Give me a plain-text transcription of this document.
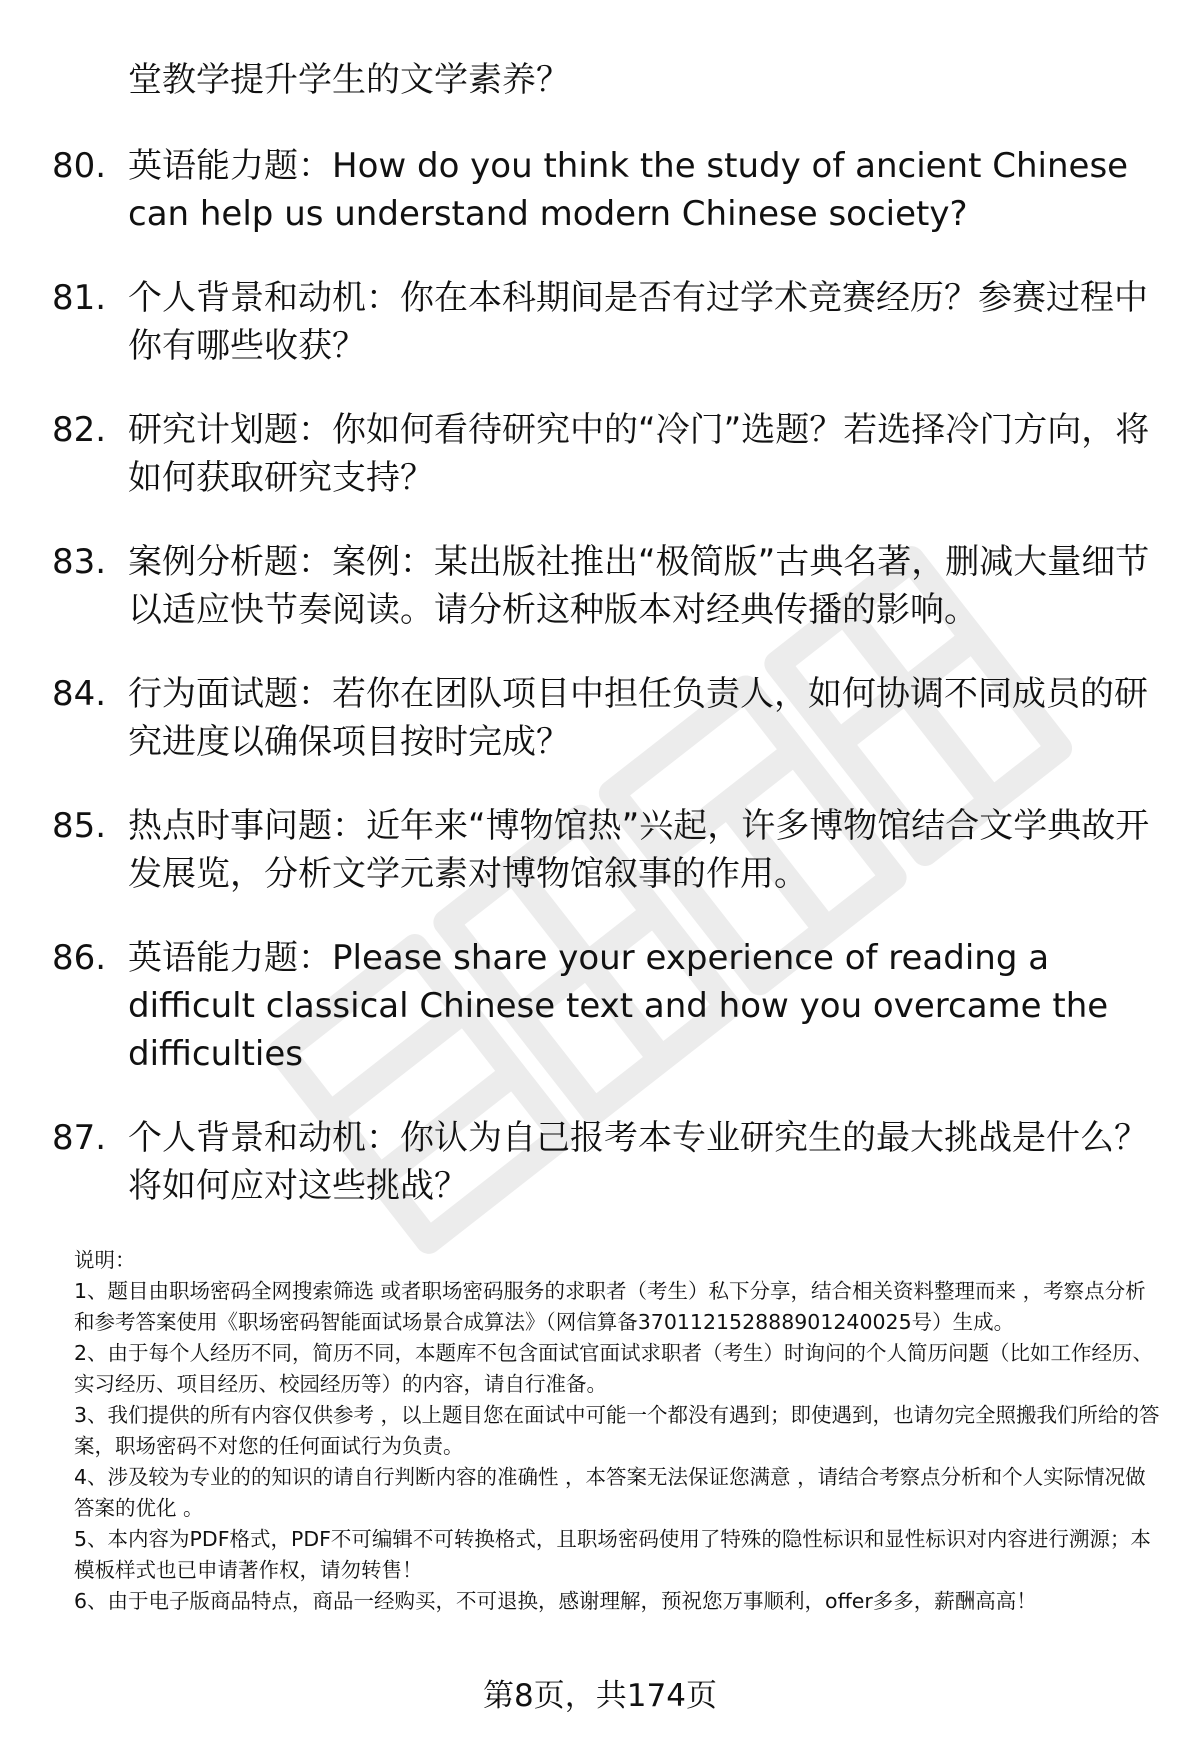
堂教学提升学生的文学素养？
80. 英语能力题：How do you think the study of ancient Chinese can help us understand modern Chinese society?
81. 个人背景和动机：你在本科期间是否有过学术竞赛经历？参赛过程中你有哪些收获？
82. 研究计划题：你如何看待研究中的“冷门”选题？若选择冷门方向，将如何获取研究支持？
83. 案例分析题：案例：某出版社推出“极简版”古典名著，删减大量细节以适应快节奏阅读。请分析这种版本对经典传播的影响。
84. 行为面试题：若你在团队项目中担任负责人，如何协调不同成员的研究进度以确保项目按时完成？
85. 热点时事问题：近年来“博物馆热”兴起，许多博物馆结合文学典故开发展览，分析文学元素对博物馆叙事的作用。
86. 英语能力题：Please share your experience of reading a difficult classical Chinese text and how you overcame the difficulties
87. 个人背景和动机：你认为自己报考本专业研究生的最大挑战是什么？将如何应对这些挑战？
说明：
1、题目由职场密码全网搜索筛选 或者职场密码服务的求职者（考生）私下分享，结合相关资料整理而来 ，考察点分析和参考答案使用《职场密码智能面试场景合成算法》（网信算备370112152888901240025号）生成。
2、由于每个人经历不同，简历不同，本题库不包含面试官面试求职者（考生）时询问的个人简历问题（比如工作经历、实习经历、项目经历、校园经历等）的内容，请自行准备。
3、我们提供的所有内容仅供参考 ，以上题目您在面试中可能一个都没有遇到；即使遇到，也请勿完全照搬我们所给的答案，职场密码不对您的任何面试行为负责。
4、涉及较为专业的的知识的请自行判断内容的准确性 ，本答案无法保证您满意 ，请结合考察点分析和个人实际情况做答案的优化 。
5、本内容为PDF格式，PDF不可编辑不可转换格式，且职场密码使用了特殊的隐性标识和显性标识对内容进行溯源；本模板样式也已申请著作权，请勿转售！
6、由于电子版商品特点，商品一经购买，不可退换，感谢理解，预祝您万事顺利，offer多多，薪酬高高！
第8页，共174页
